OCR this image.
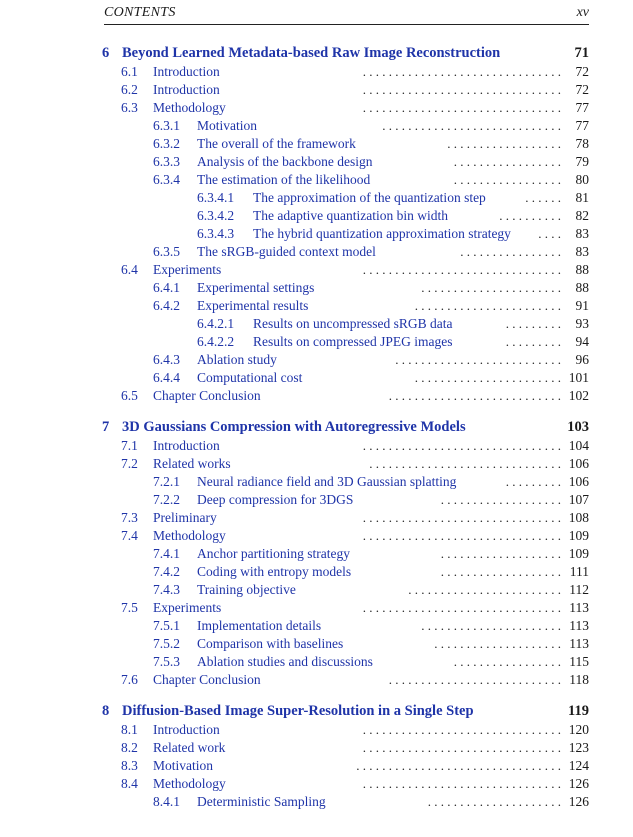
CONTENTS	xv
6 Beyond Learned Metadata-based Raw Image Reconstruction	71
6.1 Introduction	. . . . . . . . . . . . . . . . . . . . . . . . . . . . . . . 72
6.2 Introduction	. . . . . . . . . . . . . . . . . . . . . . . . . . . . . . . 72
6.3 Methodology	. . . . . . . . . . . . . . . . . . . . . . . . . . . . . . . 77
6.3.1 Motivation	. . . . . . . . . . . . . . . . . . . . . . . . . . . . 77
6.3.2 The overall of the framework	. . . . . . . . . . . . . . . . . . 78
6.3.3 Analysis of the backbone design	. . . . . . . . . . . . . . . . . 79
6.3.4 The estimation of the likelihood	. . . . . . . . . . . . . . . . . 80
6.3.4.1 The approximation of the quantization step	. . . . . . 81
6.3.4.2 The adaptive quantization bin width	. . . . . . . . . . 82
6.3.4.3 The hybrid quantization approximation strategy	. . . . 83
6.3.5 The sRGB-guided context model	. . . . . . . . . . . . . . . . 83
6.4 Experiments	. . . . . . . . . . . . . . . . . . . . . . . . . . . . . . . 88
6.4.1 Experimental settings	. . . . . . . . . . . . . . . . . . . . . . 88
6.4.2 Experimental results	. . . . . . . . . . . . . . . . . . . . . . . 91
6.4.2.1 Results on uncompressed sRGB data	. . . . . . . . . 93
6.4.2.2 Results on compressed JPEG images	. . . . . . . . . 94
6.4.3 Ablation study	. . . . . . . . . . . . . . . . . . . . . . . . . . 96
6.4.4 Computational cost	. . . . . . . . . . . . . . . . . . . . . . . 101
6.5 Chapter Conclusion	. . . . . . . . . . . . . . . . . . . . . . . . . . . 102
7 3D Gaussians Compression with Autoregressive Models	103
7.1 Introduction	. . . . . . . . . . . . . . . . . . . . . . . . . . . . . . . 104
7.2 Related works	. . . . . . . . . . . . . . . . . . . . . . . . . . . . . . 106
7.2.1 Neural radiance field and 3D Gaussian splatting	. . . . . . . . . 106
7.2.2 Deep compression for 3DGS	. . . . . . . . . . . . . . . . . . . 107
7.3 Preliminary	. . . . . . . . . . . . . . . . . . . . . . . . . . . . . . . 108
7.4 Methodology	. . . . . . . . . . . . . . . . . . . . . . . . . . . . . . . 109
7.4.1 Anchor partitioning strategy	. . . . . . . . . . . . . . . . . . . 109
7.4.2 Coding with entropy models	. . . . . . . . . . . . . . . . . . . 111
7.4.3 Training objective	. . . . . . . . . . . . . . . . . . . . . . . . 112
7.5 Experiments	. . . . . . . . . . . . . . . . . . . . . . . . . . . . . . . 113
7.5.1 Implementation details	. . . . . . . . . . . . . . . . . . . . . . 113
7.5.2 Comparison with baselines	. . . . . . . . . . . . . . . . . . . . 113
7.5.3 Ablation studies and discussions	. . . . . . . . . . . . . . . . . 115
7.6 Chapter Conclusion	. . . . . . . . . . . . . . . . . . . . . . . . . . . 118
8 Diffusion-Based Image Super-Resolution in a Single Step	119
8.1 Introduction	. . . . . . . . . . . . . . . . . . . . . . . . . . . . . . . 120
8.2 Related work	. . . . . . . . . . . . . . . . . . . . . . . . . . . . . . . 123
8.3 Motivation	. . . . . . . . . . . . . . . . . . . . . . . . . . . . . . . . 124
8.4 Methodology	. . . . . . . . . . . . . . . . . . . . . . . . . . . . . . . 126
8.4.1 Deterministic Sampling	. . . . . . . . . . . . . . . . . . . . . 126
